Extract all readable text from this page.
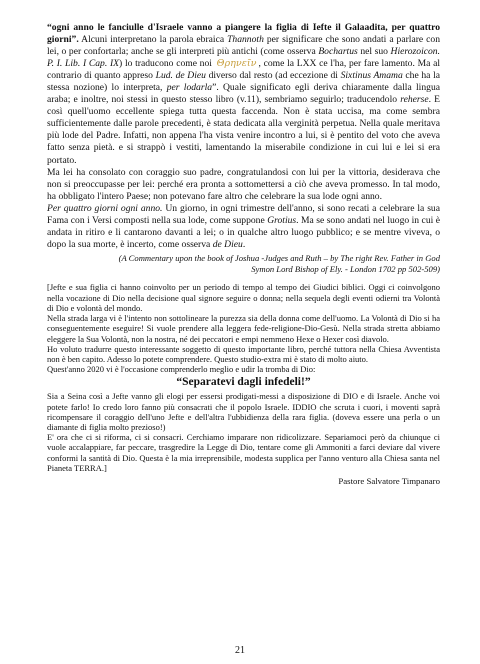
“ogni anno le fanciulle d'Israele vanno a piangere la figlia di Iefte il Galaadita, per quattro giorni”. Alcuni interpretano la parola ebraica Thannoth per significare che sono andati a parlare con lei, o per confortarla; anche se gli interpreti più antichi (come osserva Bochartus nel suo Hierozoicon. P. I. Lib. I Cap. IX) lo traducono come noi Θρηνεῖν , come la LXX ce l'ha, per fare lamento. Ma al contrario di quanto appreso Lud. de Dieu diverso dal resto (ad eccezione di Sixtinus Amama che ha la stessa nozione) lo interpreta, per lodarla”. Quale significato egli deriva chiaramente dalla lingua araba; e inoltre, noi stessi in questo stesso libro (v.11), sembriamo seguirlo; traducendolo reherse. E così quell'uomo eccellente spiega tutta questa faccenda. Non è stata uccisa, ma come sembra sufficientemente dalle parole precedenti, è stata dedicata alla verginità perpetua. Nella quale meritava più lode del Padre. Infatti, non appena l'ha vista venire incontro a lui, si è pentito del voto che aveva fatto senza pietà. e si strappò i vestiti, lamentando la miserabile condizione in cui lui e lei si era portato.

Ma lei ha consolato con coraggio suo padre, congratulandosi con lui per la vittoria, desiderava che non si preoccupasse per lei: perché era pronta a sottomettersi a ciò che aveva promesso. In tal modo, ha obbligato l'intero Paese; non potevano fare altro che celebrare la sua lode ogni anno.

Per quattro giorni ogni anno. Un giorno, in ogni trimestre dell'anno, si sono recati a celebrare la sua Fama con i Versi composti nella sua lode, come suppone Grotius. Ma se sono andati nel luogo in cui è andata in ritiro e li cantarono davanti a lei; o in qualche altro luogo pubblico; e se mentre viveva, o dopo la sua morte, è incerto, come osserva de Dieu.

(A Commentary upon the book of Joshua -Judges and Ruth – by The right Rev. Father in God
Symon Lord Bishop of Ely. - London 1702 pp 502-509)

[Jefte e sua figlia ci hanno coinvolto per un periodo di tempo al tempo dei Giudici biblici. Oggi ci coinvolgono nella vocazione di Dio nella decisione qual signore seguire o donna; nella sequela degli eventi odierni tra Volontà di Dio e volontà del mondo.

Nella strada larga vi è l'intento non sottolineare la purezza sia della donna come dell'uomo. La Volontà di Dio si ha conseguentemente eseguire! Si vuole prendere alla leggera fede-religione-Dio-Gesù. Nella strada stretta abbiamo eleggere la Sua Volontà, non la nostra, né dei peccatori e empi nemmeno Hexe o Hexer così diavolo.

Ho voluto tradurre questo interessante soggetto di questo importante libro, perché tuttora nella Chiesa Avventista non è ben capito. Adesso lo potete comprendere. Questo studio-extra mi è stato di molto aiuto.

Quest'anno 2020 vi è l'occasione comprenderlo meglio e udir la tromba di Dio:

“Separatevi dagli infedeli!”

Sia a Seina così a Jefte vanno gli elogi per essersi prodigati-messi a disposizione di DIO e di Israele. Anche voi potete farlo! Io credo loro fanno più consacrati che il popolo Israele. IDDIO che scruta i cuori, i moventi saprà ricompensare il coraggio dell'uno Jefte e dell'altra l'ubbidienza della rara figlia. (doveva essere una perla o un diamante di figlia molto prezioso!)

E' ora che ci si riforma, ci si consacri. Cerchiamo imparare non ridicolizzare. Separiamoci però da chiunque ci vuole accalappiare, far peccare, trasgredire la Legge di Dio, tentare come gli Ammoniti a farci deviare dal vivere conformi la santità di Dio. Questa è la mia irreprensibile, modesta supplica per l'anno venturo alla Chiesa santa nel Pianeta TERRA.]

Pastore Salvatore Timpanaro
21
